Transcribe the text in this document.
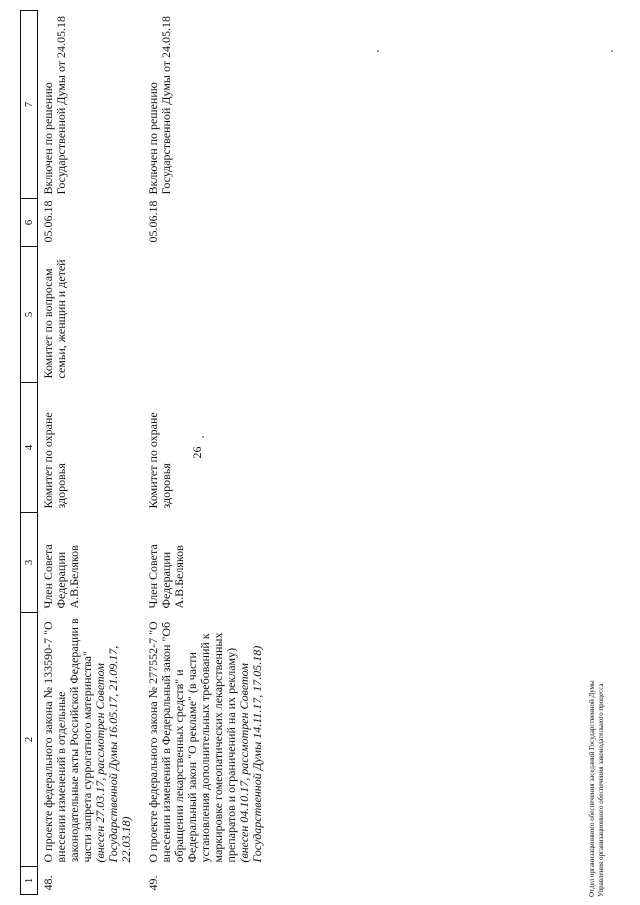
26
1	2	3	4	5	6	7
48.	О проекте федерального закона № 133590-7 "О внесении изменений в отдельные законодательные акты Российской Федерации в части запрета суррогатного материнства" (внесен 27.03.17, рассмотрен Советом Государственной Думы 16.05.17, 21.09.17, 22.03.18)	Член Совета Федерации А.В.Беляков	Комитет по охране здоровья	Комитет по вопросам семьи, женщин и детей	05.06.18	Включен по решению Государственной Думы от 24.05.18
49.	О проекте федерального закона № 277552-7 "О внесении изменений в Федеральный закон "Об обращении лекарственных средств" и Федеральный закон "О рекламе" (в части установления дополнительных требований к маркировке гомеопатических лекарственных препаратов и ограничений на их рекламу) (внесен 04.10.17, рассмотрен Советом Государственной Думы 14.11.17, 17.05.18)	Член Совета Федерации А.В.Беляков	Комитет по охране здоровья		05.06.18	Включен по решению Государственной Думы от 24.05.18
Отдел организационного обеспечения заседаний Государственной Думы Управления организационного обеспечения законодательного процесса
